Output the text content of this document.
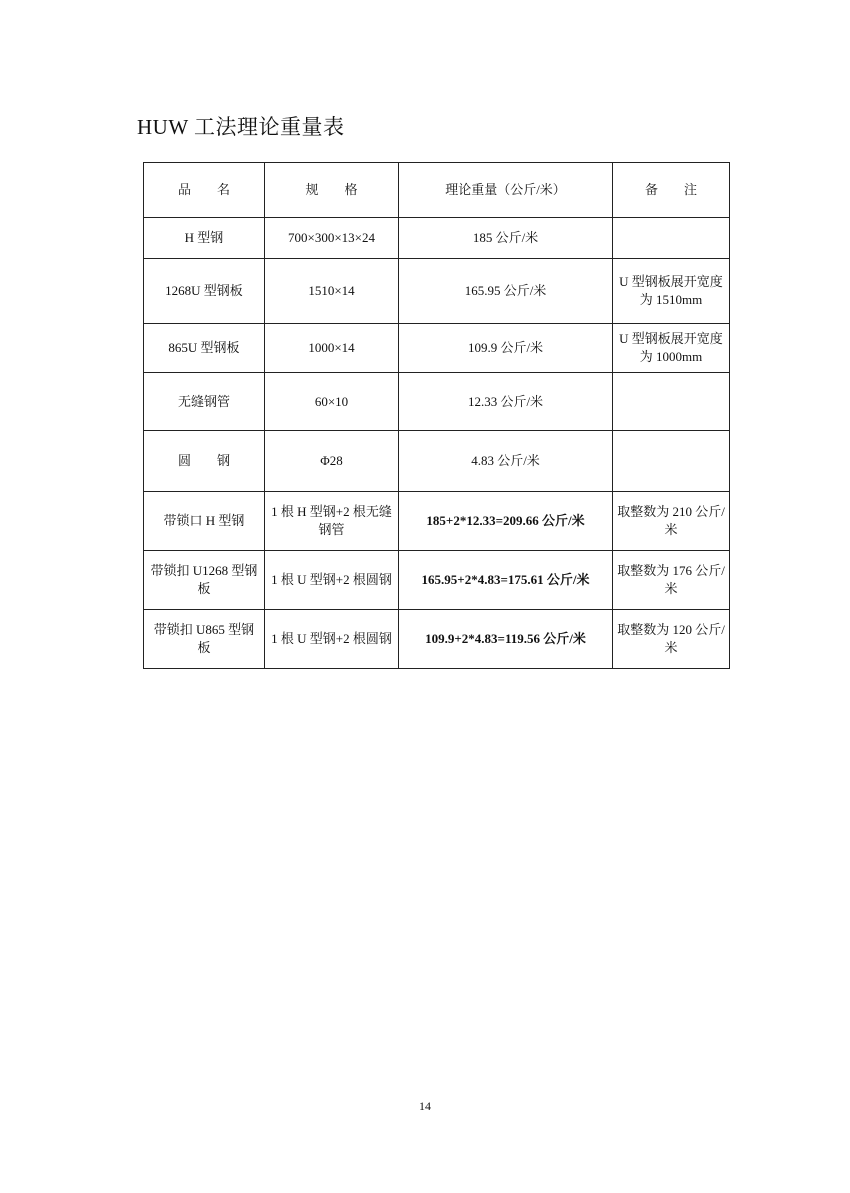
HUW 工法理论重量表
品　　名	规　　格	理论重量（公斤/米）	备　　注
H 型钢	700×300×13×24	185 公斤/米	
1268U 型钢板	1510×14	165.95 公斤/米	U 型钢板展开宽度为 1510mm
865U 型钢板	1000×14	109.9 公斤/米	U 型钢板展开宽度为 1000mm
无缝钢管	60×10	12.33 公斤/米	
圆　　钢	Φ28	4.83 公斤/米	
带锁口 H 型钢	1 根 H 型钢+2 根无缝钢管	185+2*12.33=209.66 公斤/米	取整数为 210 公斤/米
带锁扣 U1268 型钢板	1 根 U 型钢+2 根圆钢	165.95+2*4.83=175.61 公斤/米	取整数为 176 公斤/米
带锁扣 U865 型钢板	1 根 U 型钢+2 根圆钢	109.9+2*4.83=119.56 公斤/米	取整数为 120 公斤/米
14
